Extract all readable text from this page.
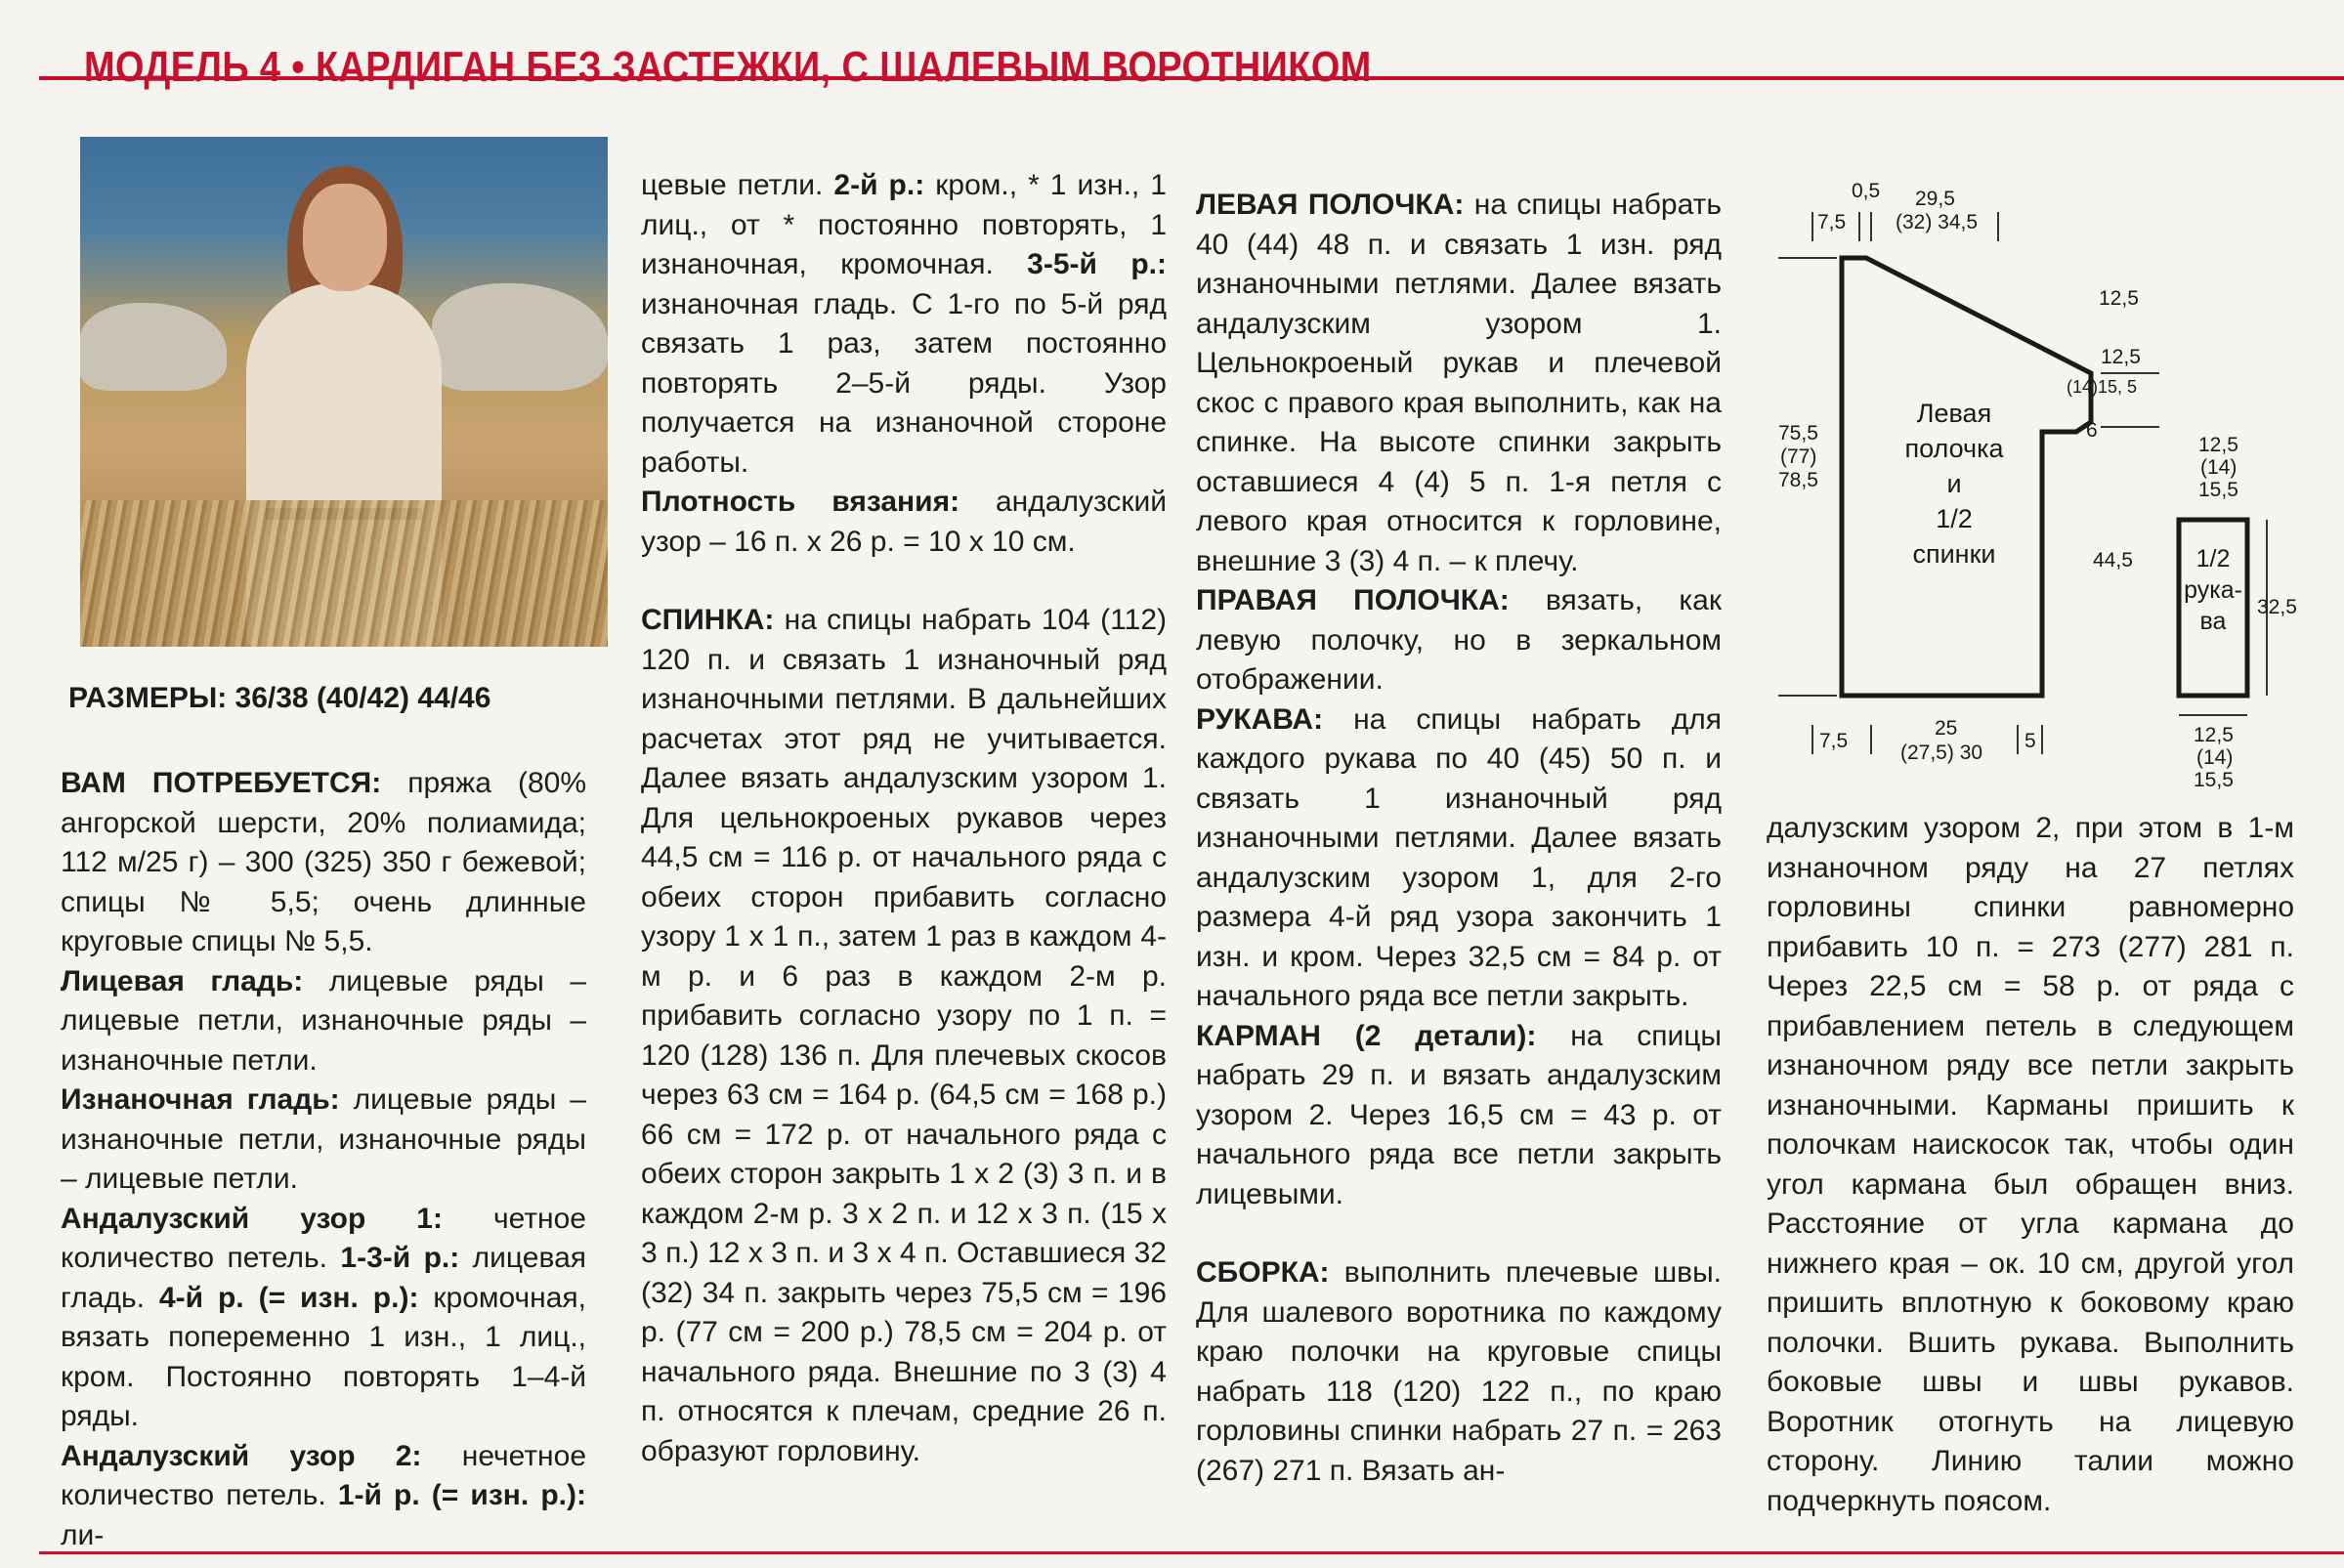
МОДЕЛЬ 4 • КАРДИГАН БЕЗ ЗАСТЕЖКИ, С ШАЛЕВЫМ ВОРОТНИКОМ
РАЗМЕРЫ: 36/38 (40/42) 44/46

ВАМ ПОТРЕБУЕТСЯ: пряжа (80% ангорской шерсти, 20% полиамида; 112 м/25 г) – 300 (325) 350 г бежевой; спицы № 5,5; очень длинные круговые спицы № 5,5.

Лицевая гладь: лицевые ряды – лицевые петли, изнаночные ряды – изнаночные петли.

Изнаночная гладь: лицевые ряды – изнаночные петли, изнаночные ряды – лицевые петли.

Андалузский узор 1: четное количество петель. 1-3-й р.: лицевая гладь. 4-й р. (= изн. р.): кромочная, вязать попеременно 1 изн., 1 лиц., кром. Постоянно повторять 1–4-й ряды.

Андалузский узор 2: нечетное количество петель. 1-й р. (= изн. р.): ли-

цевые петли. 2-й р.: кром., * 1 изн., 1 лиц., от * постоянно повторять, 1 изнаночная, кромочная. 3-5-й р.: изнаночная гладь. С 1-го по 5-й ряд связать 1 раз, затем постоянно повторять 2–5-й ряды. Узор получается на изнаночной стороне работы.

Плотность вязания: андалузский узор – 16 п. х 26 р. = 10 х 10 см.

СПИНКА: на спицы набрать 104 (112) 120 п. и связать 1 изнаночный ряд изнаночными петлями. В дальнейших расчетах этот ряд не учитывается. Далее вязать андалузским узором 1. Для цельнокроеных рукавов через 44,5 см = 116 р. от начального ряда с обеих сторон прибавить согласно узору 1 х 1 п., затем 1 раз в каждом 4-м р. и 6 раз в каждом 2-м р. прибавить согласно узору по 1 п. = 120 (128) 136 п. Для плечевых скосов через 63 см = 164 р. (64,5 см = 168 р.) 66 см = 172 р. от начального ряда с обеих сторон закрыть 1 х 2 (3) 3 п. и в каждом 2-м р. 3 х 2 п. и 12 х 3 п. (15 х 3 п.) 12 х 3 п. и 3 х 4 п. Оставшиеся 32 (32) 34 п. закрыть через 75,5 см = 196 р. (77 см = 200 р.) 78,5 см = 204 р. от начального ряда. Внешние по 3 (3) 4 п. относятся к плечам, средние 26 п. образуют горловину.

ЛЕВАЯ ПОЛОЧКА: на спицы набрать 40 (44) 48 п. и связать 1 изн. ряд изнаночными петлями. Далее вязать андалузским узором 1. Цельнокроеный рукав и плечевой скос с правого края выполнить, как на спинке. На высоте спинки закрыть оставшиеся 4 (4) 5 п. 1-я петля с левого края относится к горловине, внешние 3 (3) 4 п. – к плечу.

ПРАВАЯ ПОЛОЧКА: вязать, как левую полочку, но в зеркальном отображении.

РУКАВА: на спицы набрать для каждого рукава по 40 (45) 50 п. и связать 1 изнаночный ряд изнаночными петлями. Далее вязать андалузским узором 1, для 2-го размера 4-й ряд узора закончить 1 изн. и кром. Через 32,5 см = 84 р. от начального ряда все петли закрыть.

КАРМАН (2 детали): на спицы набрать 29 п. и вязать андалузским узором 2. Через 16,5 см = 43 р. от начального ряда все петли закрыть лицевыми.

СБОРКА: выполнить плечевые швы. Для шалевого воротника по каждому краю полочки на круговые спицы набрать 118 (120) 122 п., по краю горловины спинки набрать 27 п. = 263 (267) 271 п. Вязать ан-

0,5
7,5
29,5
(32) 34,5
12,5
12,5
(14)15, 5
6
75,5
(77)
78,5
44,5
7,5
25
(27,5) 30
5
12,5
(14)
15,5
32,5
12,5
(14)
15,5
Левая
полочка
и
1/2
спинки	1/2
рука-
ва

далузским узором 2, при этом в 1-м изнаночном ряду на 27 петлях горловины спинки равномерно прибавить 10 п. = 273 (277) 281 п. Через 22,5 см = 58 р. от ряда с прибавлением петель в следующем изнаночном ряду все петли закрыть изнаночными. Карманы пришить к полочкам наискосок так, чтобы один угол кармана был обращен вниз. Расстояние от угла кармана до нижнего края – ок. 10 см, другой угол пришить вплотную к боковому краю полочки. Вшить рукава. Выполнить боковые швы и швы рукавов. Воротник отогнуть на лицевую сторону. Линию талии можно подчеркнуть поясом.
